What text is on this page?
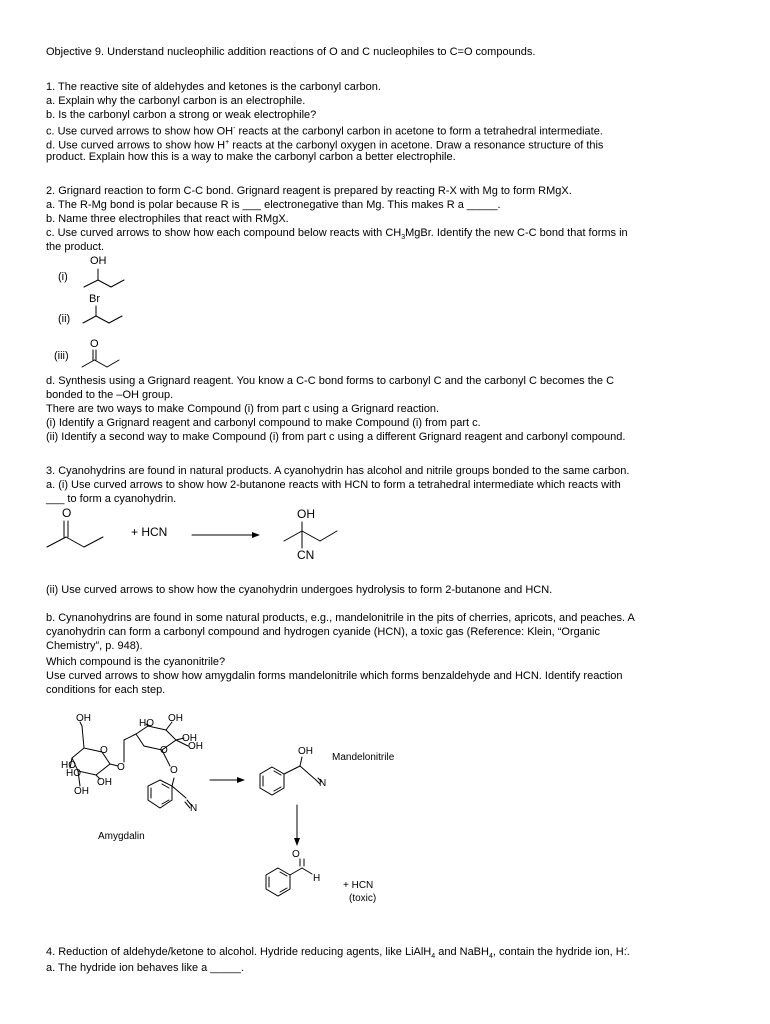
Objective 9. Understand nucleophilic addition reactions of O and C nucleophiles to C=O compounds.
1. The reactive site of aldehydes and ketones is the carbonyl carbon.
a. Explain why the carbonyl carbon is an electrophile.
b. Is the carbonyl carbon a strong or weak electrophile?
c. Use curved arrows to show how OH- reacts at the carbonyl carbon in acetone to form a tetrahedral intermediate.
d. Use curved arrows to show how H+ reacts at the carbonyl oxygen in acetone. Draw a resonance structure of this
product. Explain how this is a way to make the carbonyl carbon a better electrophile.
2. Grignard reaction to form C-C bond. Grignard reagent is prepared by reacting R-X with Mg to form RMgX.
a. The R-Mg bond is polar because R is ___ electronegative than Mg. This makes R a _____.
b. Name three electrophiles that react with RMgX.
c. Use curved arrows to show how each compound below reacts with $CH_3MgBr$. Identify the new C-C bond that forms in
the product.
(i)
OH
(ii)
Br
(iii)
O
d. Synthesis using a Grignard reagent. You know a C-C bond forms to carbonyl C and the carbonyl C becomes the C
bonded to the –OH group.
There are two ways to make Compound (i) from part c using a Grignard reaction.
(i) Identify a Grignard reagent and carbonyl compound to make Compound (i) from part c.
(ii) Identify a second way to make Compound (i) from part c using a different Grignard reagent and carbonyl compound.
3. Cyanohydrins are found in natural products. A cyanohydrin has alcohol and nitrile groups bonded to the same carbon.
a. (i) Use curved arrows to show how 2-butanone reacts with HCN to form a tetrahedral intermediate which reacts with
___ to form a cyanohydrin.
O
+ HCN
OH
CN
(ii) Use curved arrows to show how the cyanohydrin undergoes hydrolysis to form 2-butanone and HCN.
b. Cynanohydrins are found in some natural products, e.g., mandelonitrile in the pits of cherries, apricots, and peaches. A
cyanohydrin can form a carbonyl compound and hydrogen cyanide (HCN), a toxic gas (Reference: Klein, “Organic
Chemistry”, p. 948).
Which compound is the cyanonitrile?
Use curved arrows to show how amygdalin forms mandelonitrile which forms benzaldehyde and HCN. Identify reaction
conditions for each step.
OH	HO OH
OH
OH
O	O
HO
HO
O
OH
O
OH
N
Amygdalin
OH
Mandelonitrile
N
O
H
+ HCN
(toxic)
4. Reduction of aldehyde/ketone to alcohol. Hydride reducing agents, like LiAlH$_4$ and NaBH$_4$, contain the hydride ion, H:̇.
a. The hydride ion behaves like a _____.
